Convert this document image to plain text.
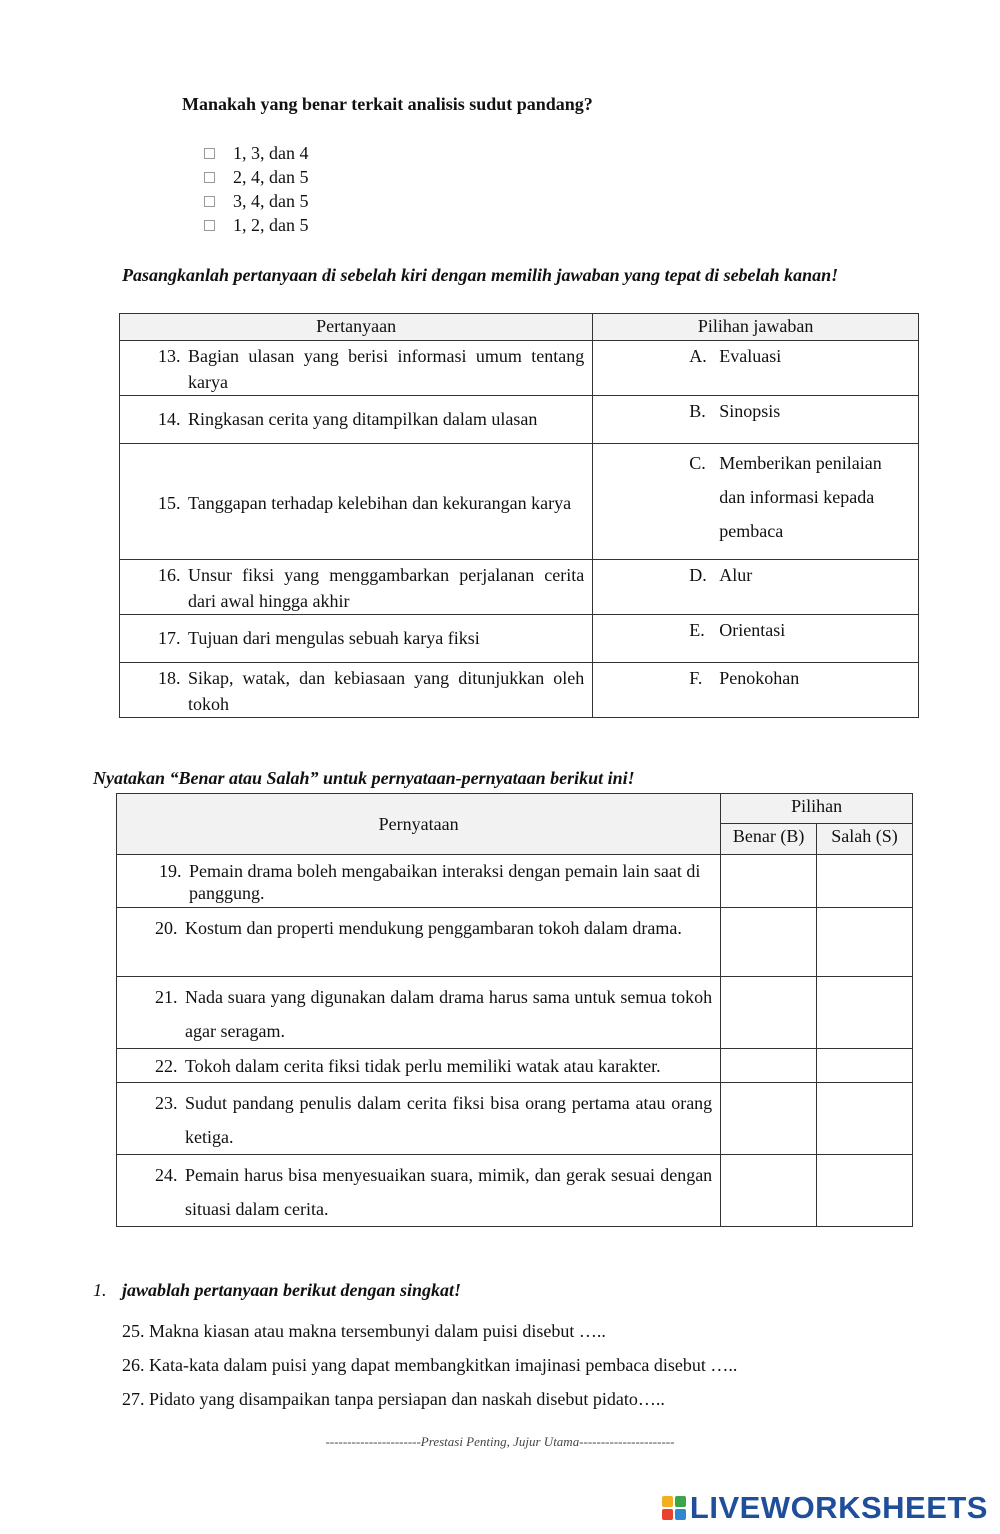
Manakah yang benar terkait analisis sudut pandang?
1, 3, dan 4
2, 4, dan 5
3, 4, dan 5
1, 2, dan 5
Pasangkanlah pertanyaan di sebelah kiri dengan memilih jawaban yang tepat di sebelah kanan!
Pertanyaan	Pilihan jawaban

13. Bagian ulasan yang berisi informasi umum tentang karya	A. Evaluasi

14. Ringkasan cerita yang ditampilkan dalam ulasan	B. Sinopsis

15. Tanggapan terhadap kelebihan dan kekurangan karya	C. Memberikan penilaian dan informasi kepada pembaca

16. Unsur fiksi yang menggambarkan perjalanan cerita dari awal hingga akhir	D. Alur

17. Tujuan dari mengulas sebuah karya fiksi	E. Orientasi

18. Sikap, watak, dan kebiasaan yang ditunjukkan oleh tokoh	F. Penokohan
Nyatakan “Benar atau Salah” untuk pernyataan-pernyataan berikut ini!
Pernyataan	Pilihan	
	Benar (B)	Salah (S)

19. Pemain drama boleh mengabaikan interaksi dengan pemain lain saat di panggung.		

20. Kostum dan properti mendukung penggambaran tokoh dalam drama.		

21. Nada suara yang digunakan dalam drama harus sama untuk semua tokoh agar seragam.		

22. Tokoh dalam cerita fiksi tidak perlu memiliki watak atau karakter.		

23. Sudut pandang penulis dalam cerita fiksi bisa orang pertama atau orang ketiga.		

24. Pemain harus bisa menyesuaikan suara, mimik, dan gerak sesuai dengan situasi dalam cerita.		

1. jawablah pertanyaan berikut dengan singkat!
25. Makna kiasan atau makna tersembunyi dalam puisi disebut …..
26. Kata-kata dalam puisi yang dapat membangkitkan imajinasi pembaca disebut …..
27. Pidato yang disampaikan tanpa persiapan dan naskah disebut pidato…..
----------------------Prestasi Penting, Jujur Utama----------------------
LIVEWORKSHEETS
